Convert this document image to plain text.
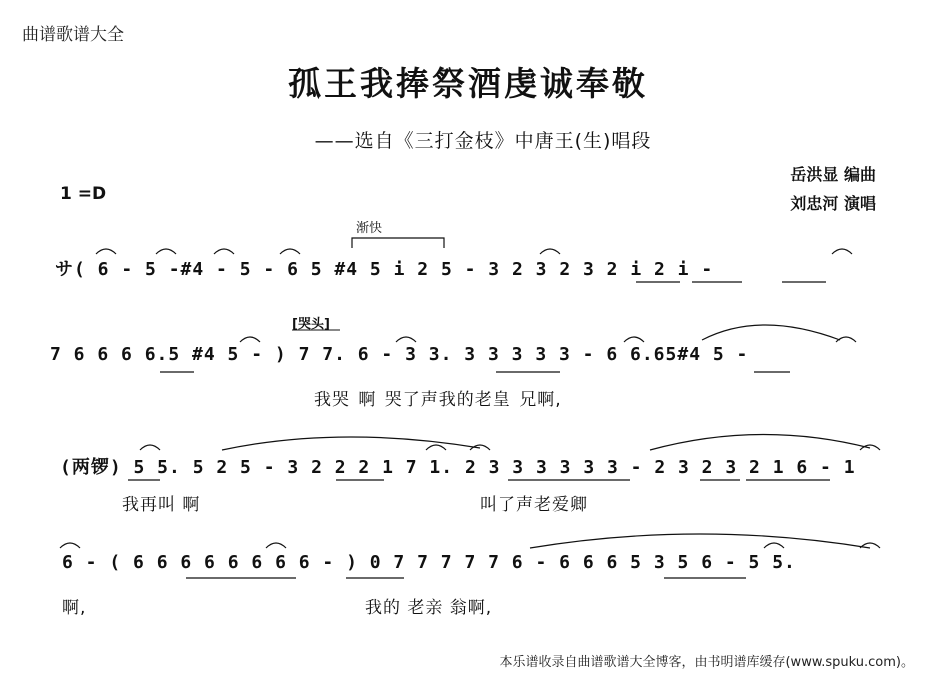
曲谱歌谱大全
孤王我捧祭酒虔诚奉敬
——选自《三打金枝》中唐王(生)唱段
岳洪显 编曲
刘忠河 演唱
1 =D
渐快
[哭头]
サ( 6 - 5 -#4 - 5 - 6 5 #4 5 i 2 5 - 3 2 3 2 3 2 i 2 i -
7 6 6 6 6.5 #4 5 - ) 7 7. 6 - 3 3. 3 3 3 3 3 - 6 6.65#4 5 -
(两锣) 5 5. 5 2 5 - 3 2 2 2 1 7 1. 2 3 3 3 3 3 3 - 2 3 2 3 2 1 6 - 1
6 - ( 6 6 6 6 6 6 6 6 - ) 0 7 7 7 7 7 6 - 6 6 6 5 3 5 6 - 5 5.
我哭 啊 哭了声我的老皇 兄啊,
我再叫 啊	叫了声老爱卿
啊,	我的 老亲 翁啊,
本乐谱收录自曲谱歌谱大全博客，由书明谱库缓存(www.spuku.com)。
